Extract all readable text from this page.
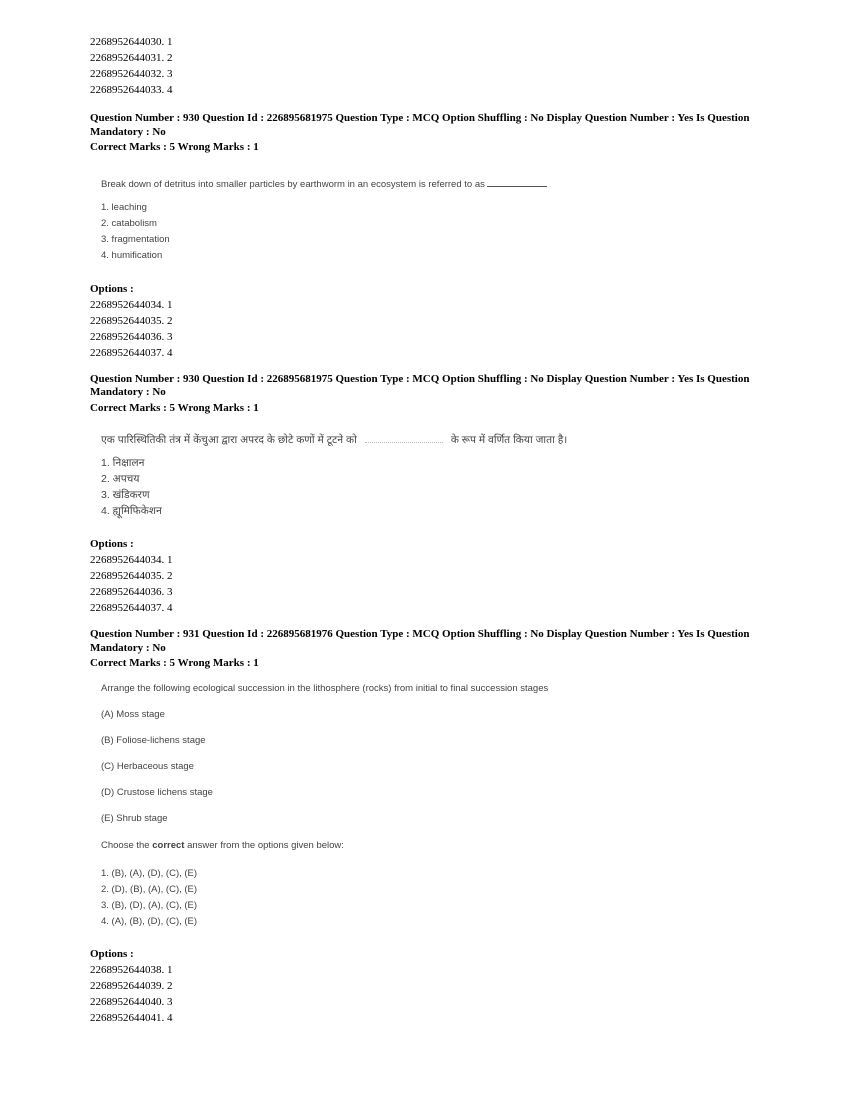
2268952644030. 1
2268952644031. 2
2268952644032. 3
2268952644033. 4
Question Number : 930 Question Id : 226895681975 Question Type : MCQ Option Shuffling : No Display Question Number : Yes Is Question
Mandatory : No
Correct Marks : 5 Wrong Marks : 1
Break down of detritus into smaller particles by earthworm in an ecosystem is referred to as
1. leaching
2. catabolism
3. fragmentation
4. humification
Options :
2268952644034. 1
2268952644035. 2
2268952644036. 3
2268952644037. 4
Question Number : 930 Question Id : 226895681975 Question Type : MCQ Option Shuffling : No Display Question Number : Yes Is Question
Mandatory : No
Correct Marks : 5 Wrong Marks : 1
एक पारिस्थितिकी तंत्र में केंचुआ द्वारा अपरद के छोटे कणों में टूटने को	के रूप में वर्णित किया जाता है।
1. निक्षालन
2. अपचय
3. खंडिकरण
4. ह्यूमिफिकेशन
Options :
2268952644034. 1
2268952644035. 2
2268952644036. 3
2268952644037. 4
Question Number : 931 Question Id : 226895681976 Question Type : MCQ Option Shuffling : No Display Question Number : Yes Is Question
Mandatory : No
Correct Marks : 5 Wrong Marks : 1
Arrange the following ecological succession in the lithosphere (rocks) from initial to final succession stages
(A) Moss stage
(B) Foliose-lichens stage
(C) Herbaceous stage
(D) Crustose lichens stage
(E) Shrub stage
Choose the correct answer from the options given below:
1. (B), (A), (D), (C), (E)
2. (D), (B), (A), (C), (E)
3. (B), (D), (A), (C), (E)
4. (A), (B), (D), (C), (E)
Options :
2268952644038. 1
2268952644039. 2
2268952644040. 3
2268952644041. 4
